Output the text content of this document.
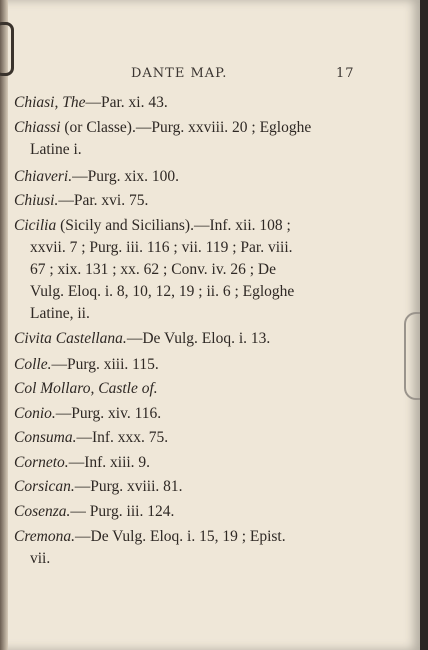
DANTE MAP.	17
Chiasi, The—Par. xi. 43.
Chiassi (or Classe).—Purg. xxviii. 20 ; Egloghe
Latine i.
Chiaveri.—Purg. xix. 100.
Chiusi.—Par. xvi. 75.
Cicilia (Sicily and Sicilians).—Inf. xii. 108 ;
xxvii. 7 ; Purg. iii. 116 ; vii. 119 ; Par. viii.
67 ; xix. 131 ; xx. 62 ; Conv. iv. 26 ; De
Vulg. Eloq. i. 8, 10, 12, 19 ; ii. 6 ; Egloghe
Latine, ii.
Civita Castellana.—De Vulg. Eloq. i. 13.
Colle.—Purg. xiii. 115.
Col Mollaro, Castle of.
Conio.—Purg. xiv. 116.
Consuma.—Inf. xxx. 75.
Corneto.—Inf. xiii. 9.
Corsican.—Purg. xviii. 81.
Cosenza.— Purg. iii. 124.
Cremona.—De Vulg. Eloq. i. 15, 19 ; Epist.
vii.
